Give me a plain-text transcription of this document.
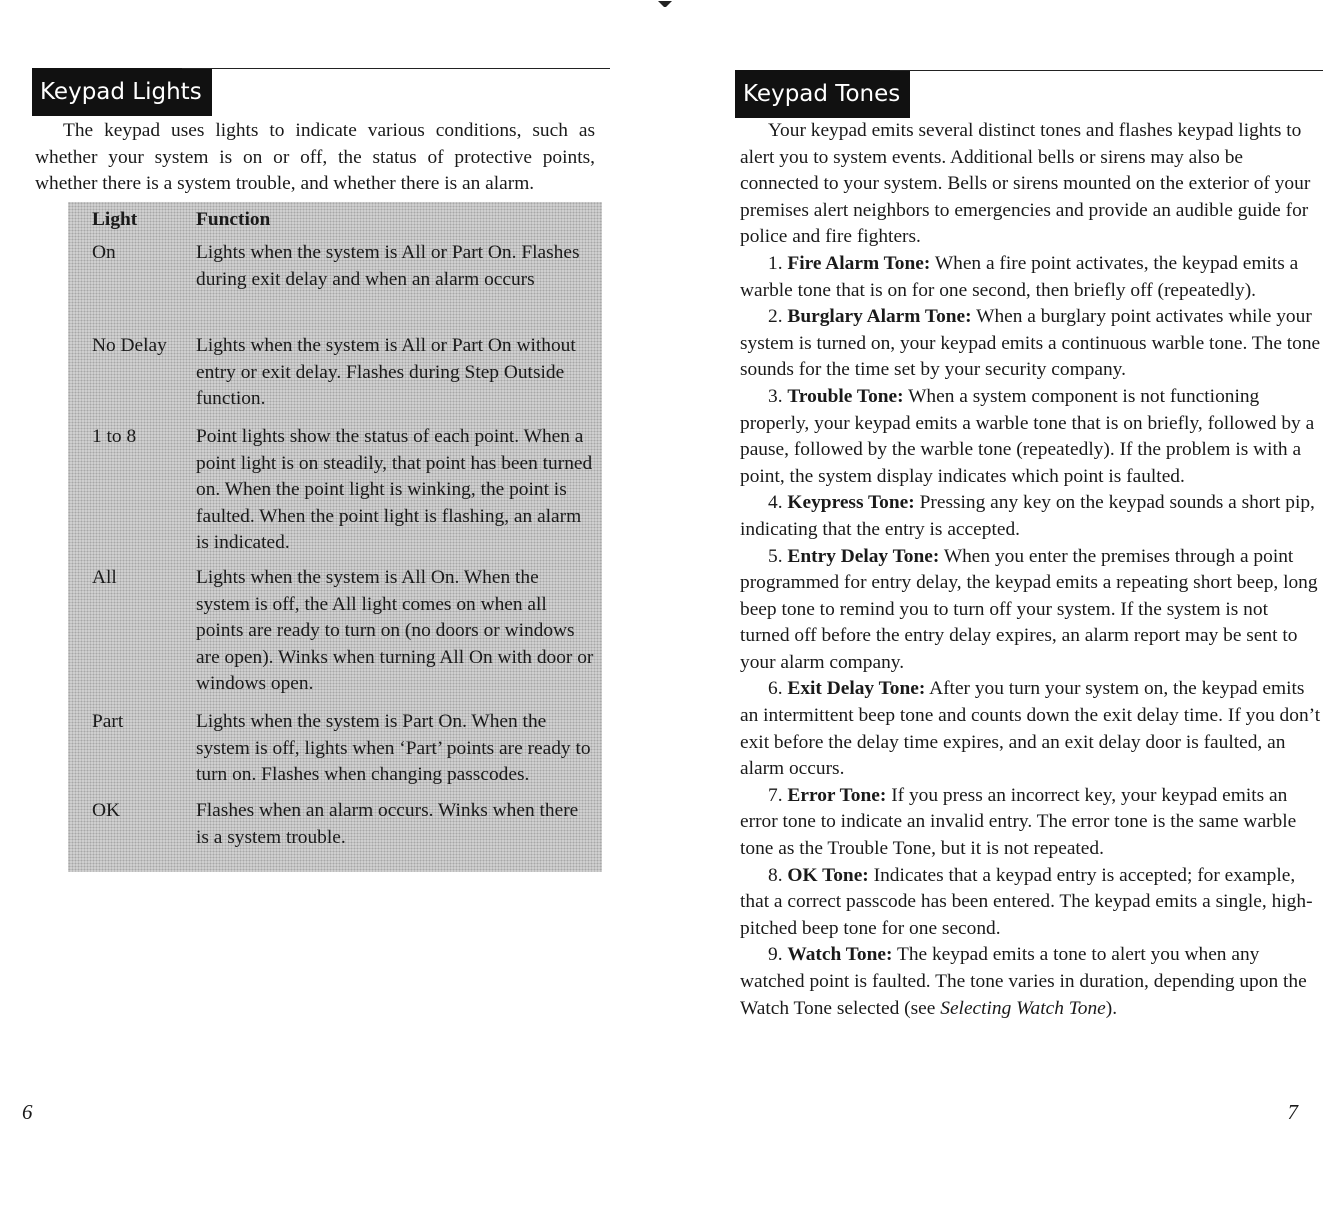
Keypad Lights

The keypad uses lights to indicate various conditions, such as whether your system is on or off, the status of protective points, whether there is a system trouble, and whether there is an alarm.

Light	Function
On	Lights when the system is All or Part On. Flashes during exit delay and when an alarm occurs
No Delay	Lights when the system is All or Part On without entry or exit delay. Flashes during Step Outside function.
1 to 8	Point lights show the status of each point. When a point light is on steadily, that point has been turned on. When the point light is winking, the point is faulted. When the point light is flashing, an alarm is indicated.
All	Lights when the system is All On. When the system is off, the All light comes on when all points are ready to turn on (no doors or windows are open). Winks when turning All On with door or windows open.
Part	Lights when the system is Part On. When the system is off, lights when ‘Part’ points are ready to turn on. Flashes when changing passcodes.
OK	Flashes when an alarm occurs. Winks when there is a system trouble.
6
Keypad Tones

Your keypad emits several distinct tones and flashes keypad lights to alert you to system events. Additional bells or sirens may also be connected to your system. Bells or sirens mounted on the exterior of your premises alert neighbors to emergencies and provide an audible guide for police and fire fighters.

1. Fire Alarm Tone: When a fire point activates, the keypad emits a warble tone that is on for one second, then briefly off (repeatedly).

2. Burglary Alarm Tone: When a burglary point activates while your system is turned on, your keypad emits a continuous warble tone. The tone sounds for the time set by your security company.

3. Trouble Tone: When a system component is not functioning properly, your keypad emits a warble tone that is on briefly, followed by a pause, followed by the warble tone (repeatedly). If the problem is with a point, the system display indicates which point is faulted.

4. Keypress Tone: Pressing any key on the keypad sounds a short pip, indicating that the entry is accepted.

5. Entry Delay Tone: When you enter the premises through a point programmed for entry delay, the keypad emits a repeating short beep, long beep tone to remind you to turn off your system. If the system is not turned off before the entry delay expires, an alarm report may be sent to your alarm company.

6. Exit Delay Tone: After you turn your system on, the keypad emits an intermittent beep tone and counts down the exit delay time. If you don’t exit before the delay time expires, and an exit delay door is faulted, an alarm occurs.

7. Error Tone: If you press an incorrect key, your keypad emits an error tone to indicate an invalid entry. The error tone is the same warble tone as the Trouble Tone, but it is not repeated.

8. OK Tone: Indicates that a keypad entry is accepted; for example, that a correct passcode has been entered. The keypad emits a single, high-pitched beep tone for one second.

9. Watch Tone: The keypad emits a tone to alert you when any watched point is faulted. The tone varies in duration, depending upon the Watch Tone selected (see Selecting Watch Tone).

7
